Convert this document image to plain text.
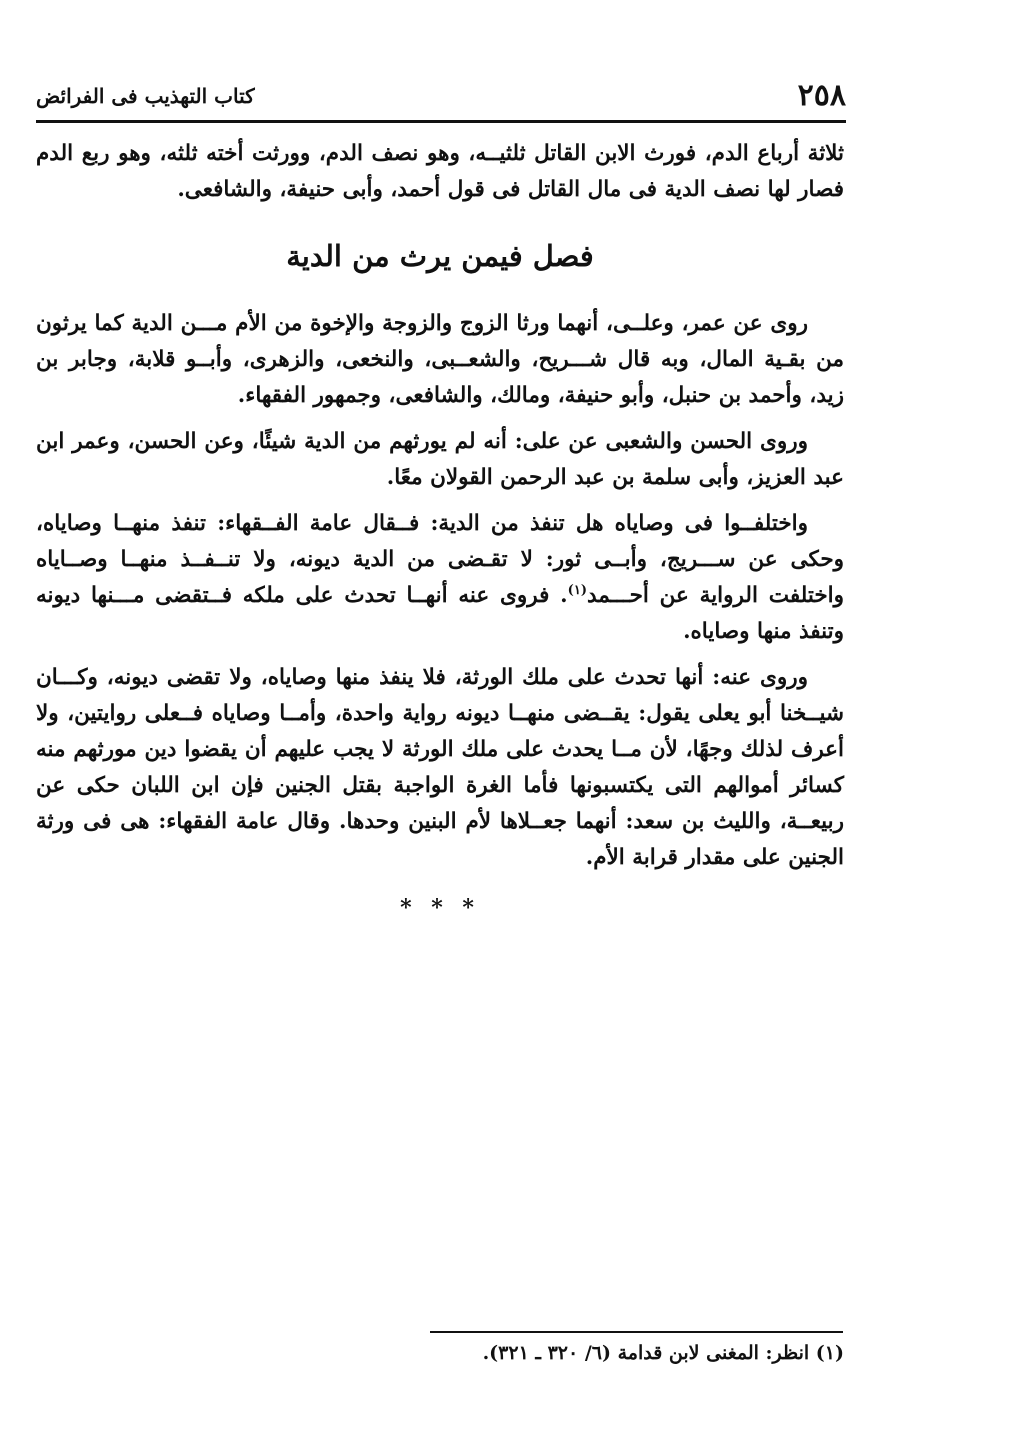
٢٥٨
كتاب التهذيب فى الفرائض

ثلاثة أرباع الدم، فورث الابن القاتل ثلثيــه، وهو نصف الدم، وورثت أخته ثلثه، وهو ربع الدم فصار لها نصف الدية فى مال القاتل فى قول أحمد، وأبى حنيفة، والشافعى.

فصل فيمن يرث من الدية

روى عن عمر، وعلــى، أنهما ورثا الزوج والزوجة والإخوة من الأم مـــن الدية كما يرثون من بقـية المال، وبه قال شـــريح، والشعــبى، والنخعى، والزهرى، وأبــو قلابة، وجابر بن زيد، وأحمد بن حنبل، وأبو حنيفة، ومالك، والشافعى، وجمهور الفقهاء.

وروى الحسن والشعبى عن على: أنه لم يورثهم من الدية شيئًا، وعن الحسن، وعمر ابن عبد العزيز، وأبى سلمة بن عبد الرحمن القولان معًا.

واختلفــوا فى وصاياه هل تنفذ من الدية: فــقال عامة الفــقهاء: تنفذ منهــا وصاياه، وحكى عن ســـريج، وأبــى ثور: لا تقـضى من الدية ديونه، ولا تنــفــذ منهــا وصــاياه واختلفت الرواية عن أحـــمد$^{(١)}$. فروى عنه أنهــا تحدث على ملكه فــتقضى مـــنها ديونه وتنفذ منها وصاياه.

وروى عنه: أنها تحدث على ملك الورثة، فلا ينفذ منها وصاياه، ولا تقضى ديونه، وكـــان شيــخنا أبو يعلى يقول: يقــضى منهــا ديونه رواية واحدة، وأمــا وصاياه فــعلى روايتين، ولا أعرف لذلك وجهًا، لأن مــا يحدث على ملك الورثة لا يجب عليهم أن يقضوا دين مورثهم منه كسائر أموالهم التى يكتسبونها فأما الغرة الواجبة بقتل الجنين فإن ابن اللبان حكى عن ربيعــة، والليث بن سعد: أنهما جعــلاها لأم البنين وحدها. وقال عامة الفقهاء: هى فى ورثة الجنين على مقدار قرابة الأم.

* * *

(١) انظر: المغنى لابن قدامة (٦/ ٣٢٠ ـ ٣٢١).
